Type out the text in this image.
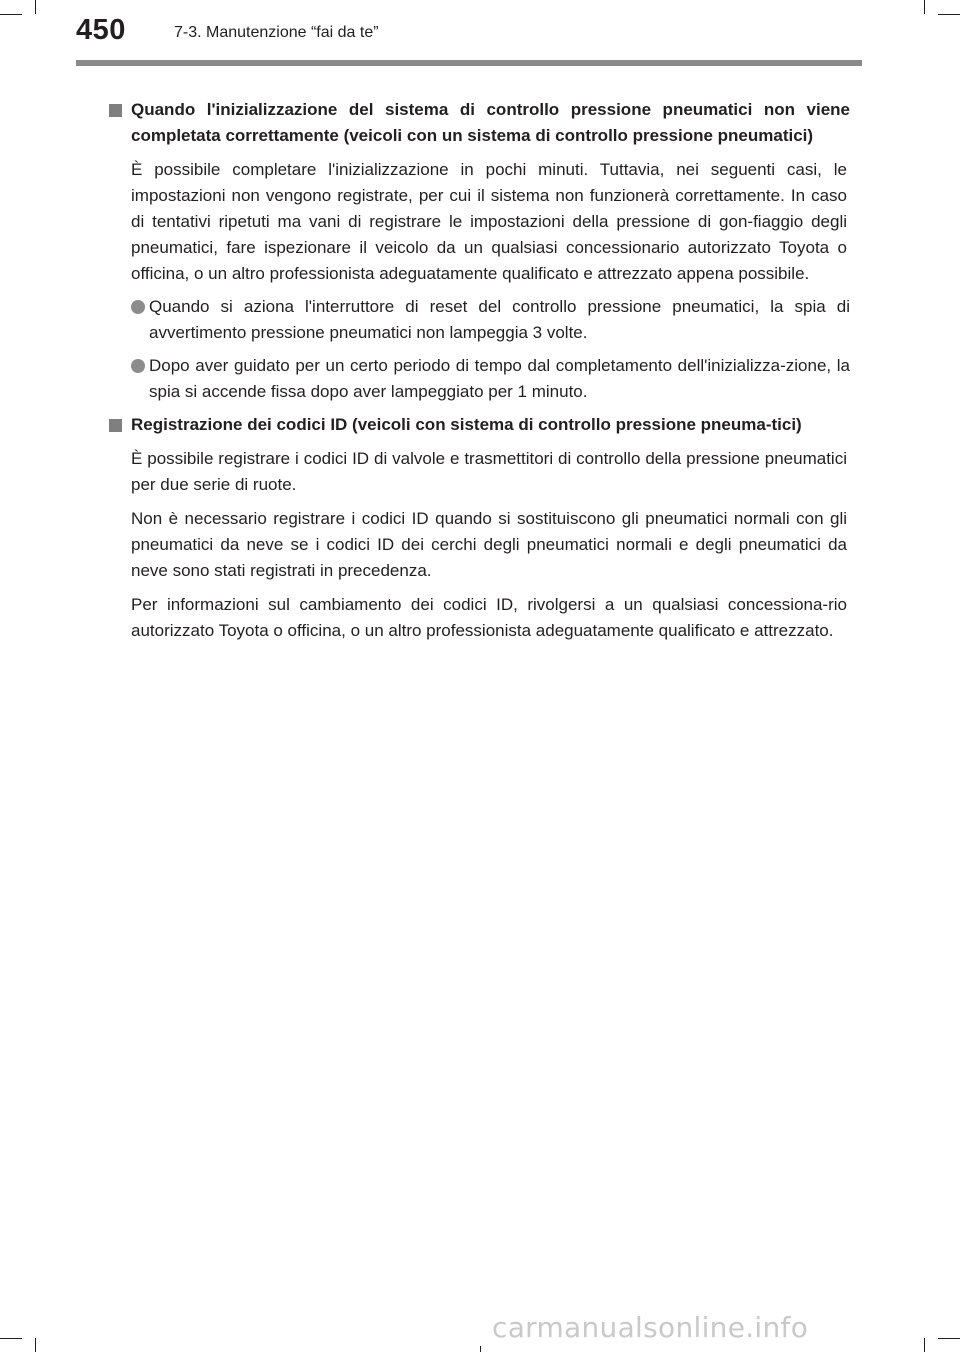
450	7-3. Manutenzione “fai da te”

Quando l'inizializzazione del sistema di controllo pressione pneumatici non viene completata correttamente (veicoli con un sistema di controllo pressione pneumatici)

È possibile completare l'inizializzazione in pochi minuti. Tuttavia, nei seguenti casi, le impostazioni non vengono registrate, per cui il sistema non funzionerà correttamente. In caso di tentativi ripetuti ma vani di registrare le impostazioni della pressione di gon-fiaggio degli pneumatici, fare ispezionare il veicolo da un qualsiasi concessionario autorizzato Toyota o officina, o un altro professionista adeguatamente qualificato e attrezzato appena possibile.

Quando si aziona l'interruttore di reset del controllo pressione pneumatici, la spia di avvertimento pressione pneumatici non lampeggia 3 volte.
Dopo aver guidato per un certo periodo di tempo dal completamento dell'inizializza-zione, la spia si accende fissa dopo aver lampeggiato per 1 minuto.

Registrazione dei codici ID (veicoli con sistema di controllo pressione pneuma-tici)

È possibile registrare i codici ID di valvole e trasmettitori di controllo della pressione pneumatici per due serie di ruote.

Non è necessario registrare i codici ID quando si sostituiscono gli pneumatici normali con gli pneumatici da neve se i codici ID dei cerchi degli pneumatici normali e degli pneumatici da neve sono stati registrati in precedenza.

Per informazioni sul cambiamento dei codici ID, rivolgersi a un qualsiasi concessiona-rio autorizzato Toyota o officina, o un altro professionista adeguatamente qualificato e attrezzato.

carmanualsonline.info
